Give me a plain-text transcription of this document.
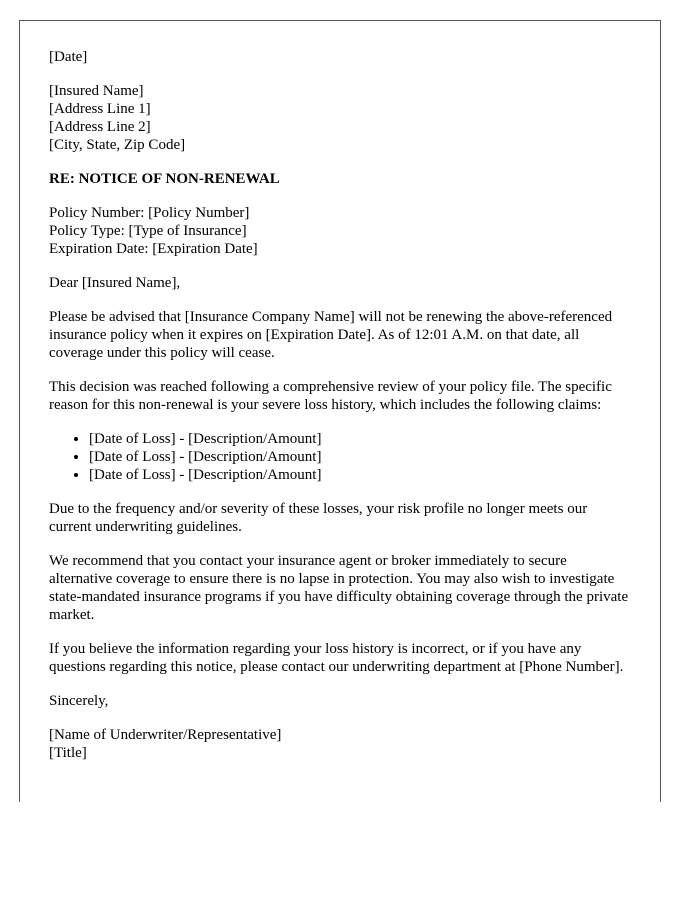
[Date]

[Insured Name]
[Address Line 1]
[Address Line 2]
[City, State, Zip Code]

RE: NOTICE OF NON-RENEWAL

Policy Number: [Policy Number]
Policy Type: [Type of Insurance]
Expiration Date: [Expiration Date]

Dear [Insured Name],

Please be advised that [Insurance Company Name] will not be renewing the above-referenced insurance policy when it expires on [Expiration Date]. As of 12:01 A.M. on that date, all coverage under this policy will cease.

This decision was reached following a comprehensive review of your policy file. The specific reason for this non-renewal is your severe loss history, which includes the following claims:

• [Date of Loss] - [Description/Amount]
• [Date of Loss] - [Description/Amount]
• [Date of Loss] - [Description/Amount]

Due to the frequency and/or severity of these losses, your risk profile no longer meets our current underwriting guidelines.

We recommend that you contact your insurance agent or broker immediately to secure alternative coverage to ensure there is no lapse in protection. You may also wish to investigate state-mandated insurance programs if you have difficulty obtaining coverage through the private market.

If you believe the information regarding your loss history is incorrect, or if you have any questions regarding this notice, please contact our underwriting department at [Phone Number].

Sincerely,

[Name of Underwriter/Representative]
[Title]
